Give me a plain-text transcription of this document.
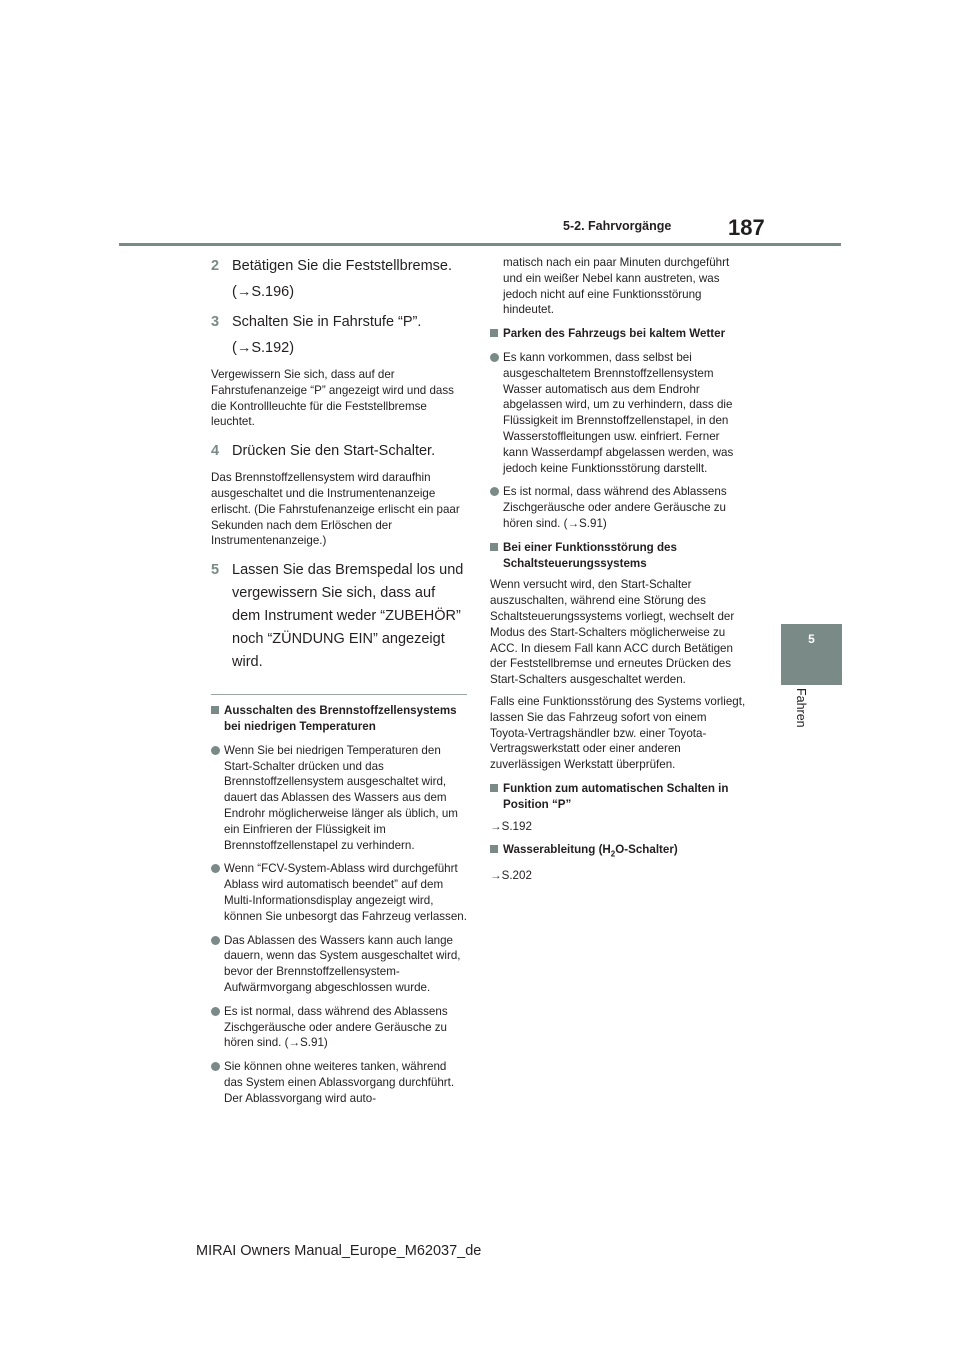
5-2. Fahrvorgänge	187
5
Fahren

2 Betätigen Sie die Feststellbremse.

(→S.196)

3 Schalten Sie in Fahrstufe “P”.

(→S.192)

Vergewissern Sie sich, dass auf der Fahrstufenanzeige “P” angezeigt wird und dass die Kontrollleuchte für die Feststellbremse leuchtet.

4 Drücken Sie den Start-Schalter.

Das Brennstoffzellensystem wird daraufhin ausgeschaltet und die Instrumentenanzeige erlischt. (Die Fahrstufenanzeige erlischt ein paar Sekunden nach dem Erlöschen der Instrumentenanzeige.)

5 Lassen Sie das Bremspedal los und vergewissern Sie sich, dass auf dem Instrument weder “ZUBEHÖR” noch “ZÜNDUNG EIN” angezeigt wird.

Ausschalten des Brennstoffzellensystems bei niedrigen Temperaturen

Wenn Sie bei niedrigen Temperaturen den Start-Schalter drücken und das Brennstoffzellensystem ausgeschaltet wird, dauert das Ablassen des Wassers aus dem Endrohr möglicherweise länger als üblich, um ein Einfrieren der Flüssigkeit im Brennstoffzellenstapel zu verhindern.

Wenn “FCV-System-Ablass wird durchgeführt Ablass wird automatisch beendet” auf dem Multi-Informationsdisplay angezeigt wird, können Sie unbesorgt das Fahrzeug verlassen.

Das Ablassen des Wassers kann auch lange dauern, wenn das System ausgeschaltet wird, bevor der Brennstoffzellensystem-Aufwärmvorgang abgeschlossen wurde.

Es ist normal, dass während des Ablassens Zischgeräusche oder andere Geräusche zu hören sind. (→S.91)

Sie können ohne weiteres tanken, während das System einen Ablassvorgang durchführt. Der Ablassvorgang wird auto-

matisch nach ein paar Minuten durchgeführt und ein weißer Nebel kann austreten, was jedoch nicht auf eine Funktionsstörung hindeutet.

Parken des Fahrzeugs bei kaltem Wetter

Es kann vorkommen, dass selbst bei ausgeschaltetem Brennstoffzellensystem Wasser automatisch aus dem Endrohr abgelassen wird, um zu verhindern, dass die Flüssigkeit im Brennstoffzellenstapel, in den Wasserstoffleitungen usw. einfriert. Ferner kann Wasserdampf abgelassen werden, was jedoch keine Funktionsstörung darstellt.

Es ist normal, dass während des Ablassens Zischgeräusche oder andere Geräusche zu hören sind. (→S.91)

Bei einer Funktionsstörung des Schaltsteuerungssystems

Wenn versucht wird, den Start-Schalter auszuschalten, während eine Störung des Schaltsteuerungssystems vorliegt, wechselt der Modus des Start-Schalters möglicherweise zu ACC. In diesem Fall kann ACC durch Betätigen der Feststellbremse und erneutes Drücken des Start-Schalters ausgeschaltet werden.

Falls eine Funktionsstörung des Systems vorliegt, lassen Sie das Fahrzeug sofort von einem Toyota-Vertragshändler bzw. einer Toyota-Vertragswerkstatt oder einer anderen zuverlässigen Werkstatt überprüfen.

Funktion zum automatischen Schalten in Position “P”

→S.192

Wasserableitung $(H_2O-Schalter)$

→S.202

MIRAI Owners Manual_Europe_M62037_de
